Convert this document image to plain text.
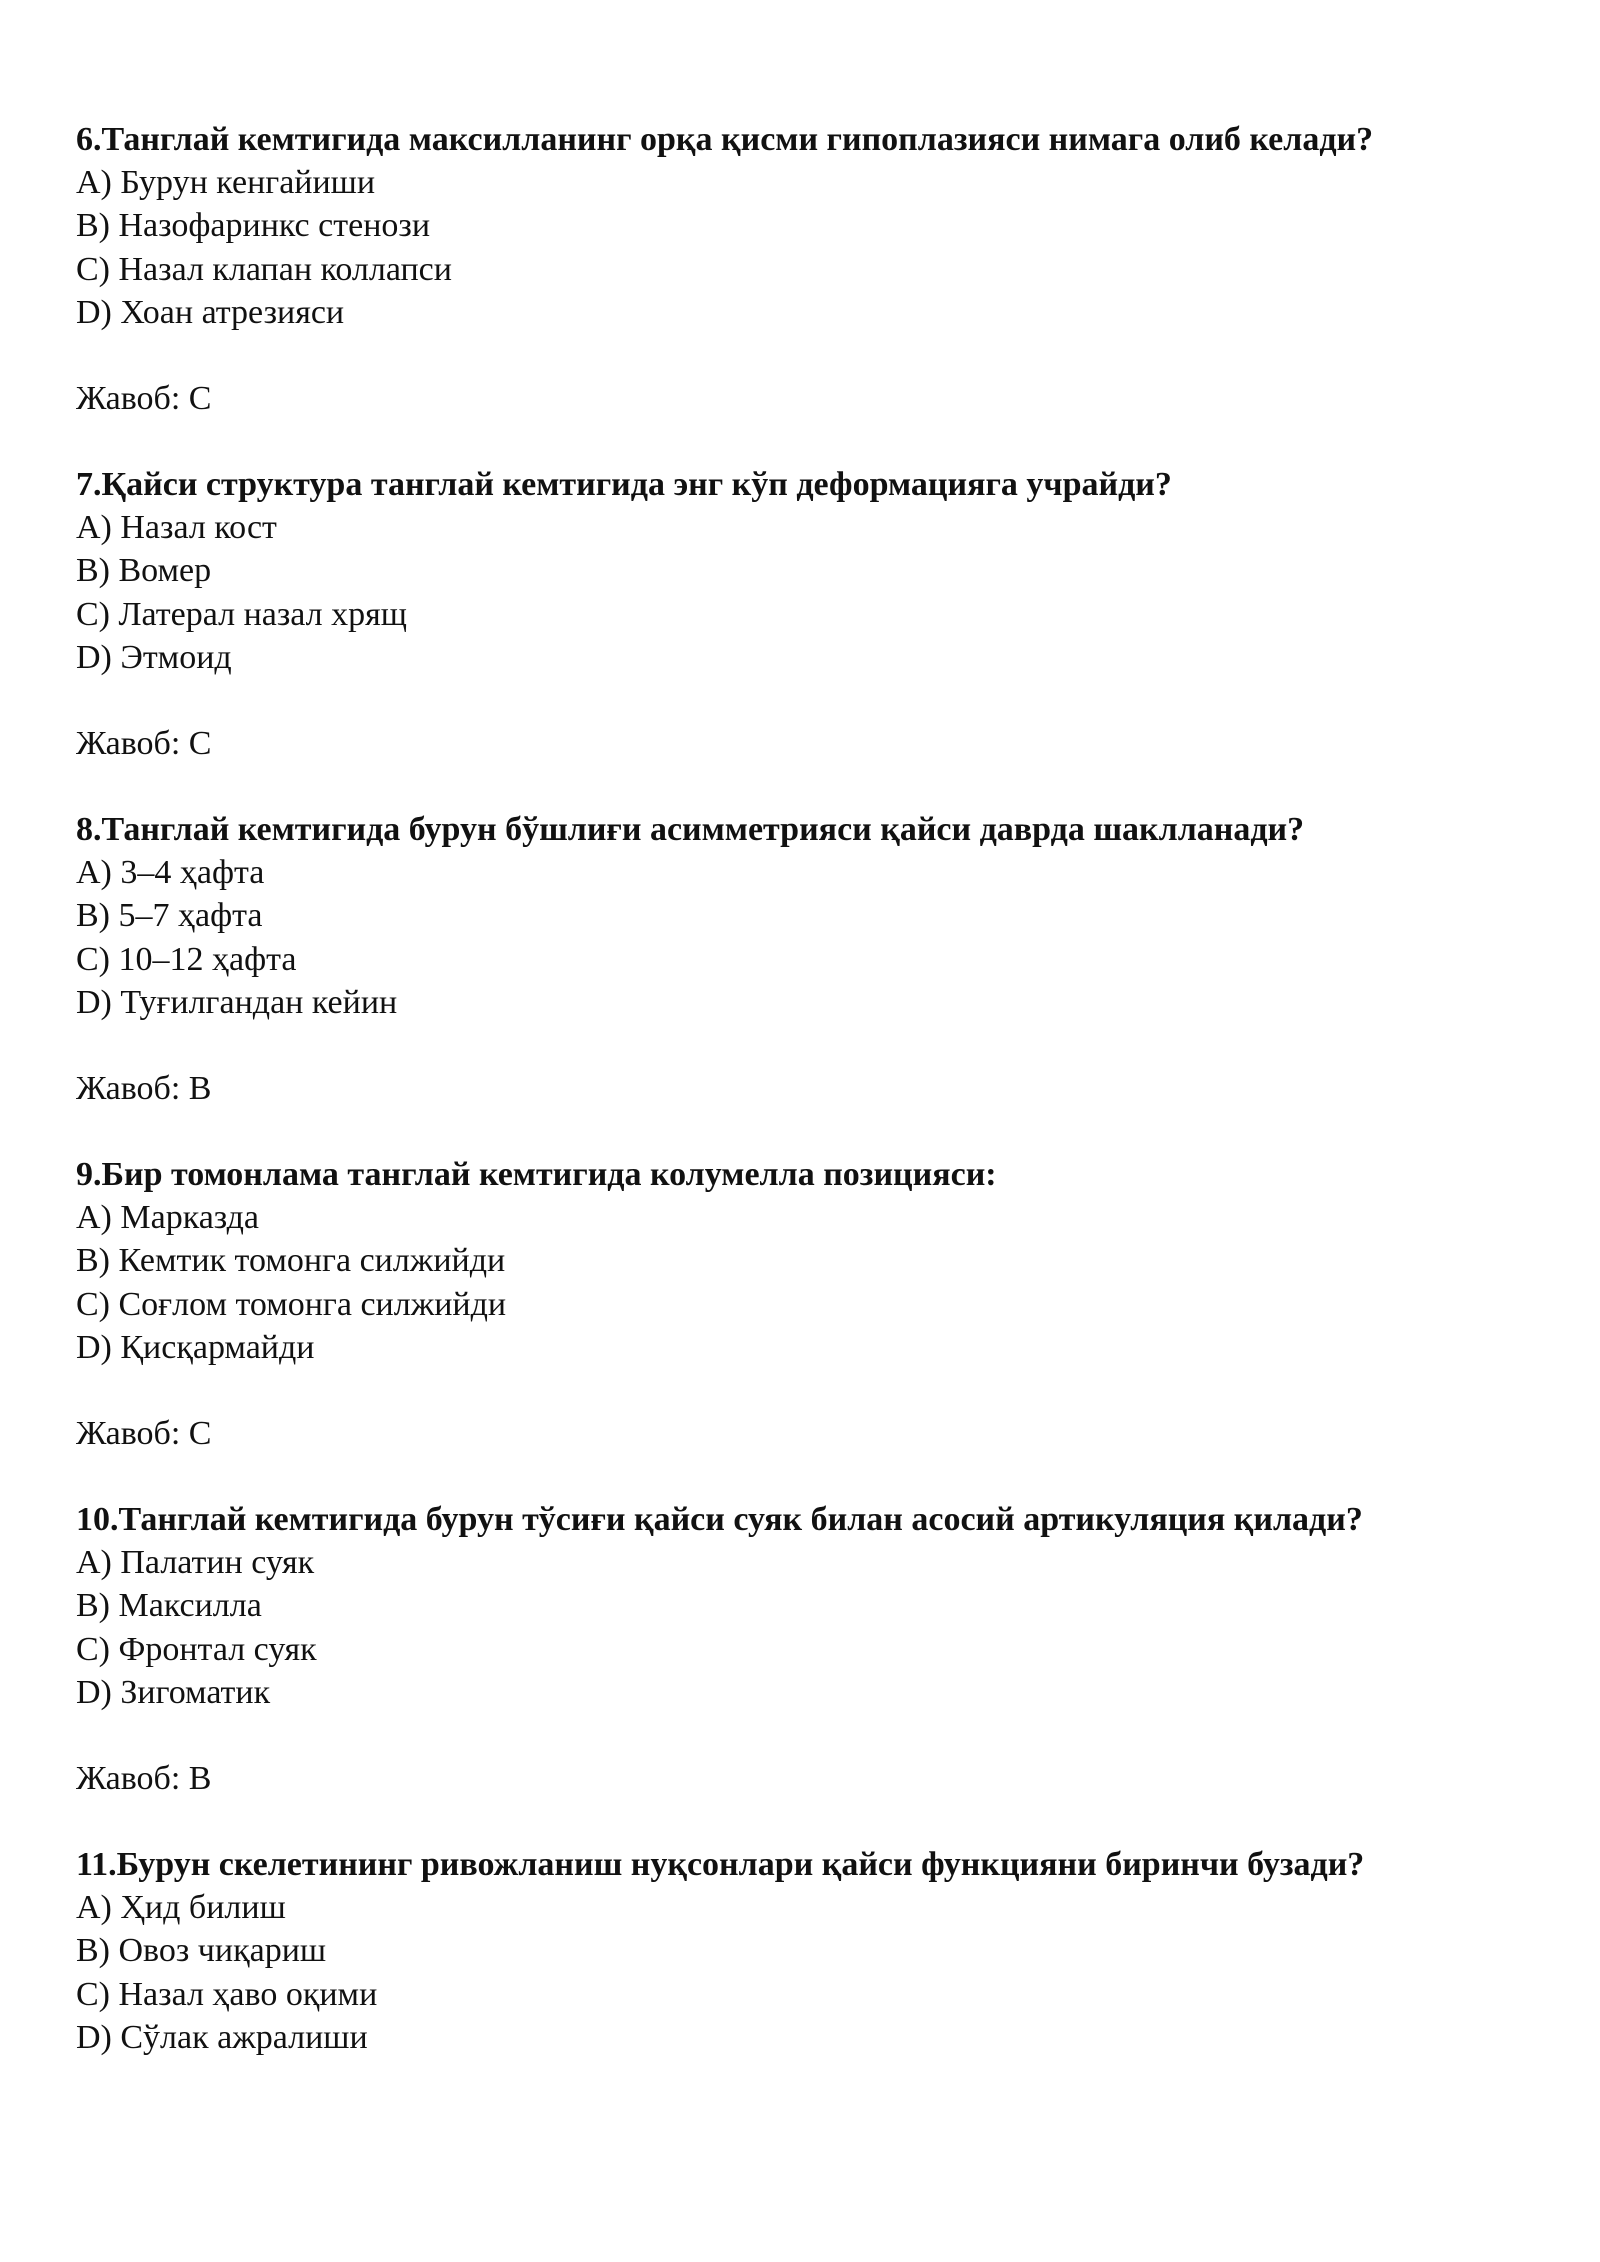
6.Танглай кемтигида максилланинг орқа қисми гипоплазияси нимага олиб келади?

A) Бурун кенгайиши
B) Назофаринкс стенози
C) Назал клапан коллапси
D) Хоан атрезияси

Жавоб: C

7.Қайси структура танглай кемтигида энг кўп деформацияга учрайди?

A) Назал кост
B) Вомер
C) Латерал назал хрящ
D) Этмоид

Жавоб: C

8.Танглай кемтигида бурун бўшлиғи асимметрияси қайси даврда шаклланади?

A) 3–4 ҳафта
B) 5–7 ҳафта
C) 10–12 ҳафта
D) Туғилгандан кейин

Жавоб: B

9.Бир томонлама танглай кемтигида колумелла позицияси:

A) Марказда
B) Кемтик томонга силжийди
C) Соғлом томонга силжийди
D) Қисқармайди

Жавоб: C

10.Танглай кемтигида бурун тўсиғи қайси суяк билан асосий артикуляция қилади?

A) Палатин суяк
B) Максилла
C) Фронтал суяк
D) Зигоматик

Жавоб: B

11.Бурун скелетининг ривожланиш нуқсонлари қайси функцияни биринчи бузади?

A) Ҳид билиш
B) Овоз чиқариш
C) Назал ҳаво оқими
D) Сўлак ажралиши
